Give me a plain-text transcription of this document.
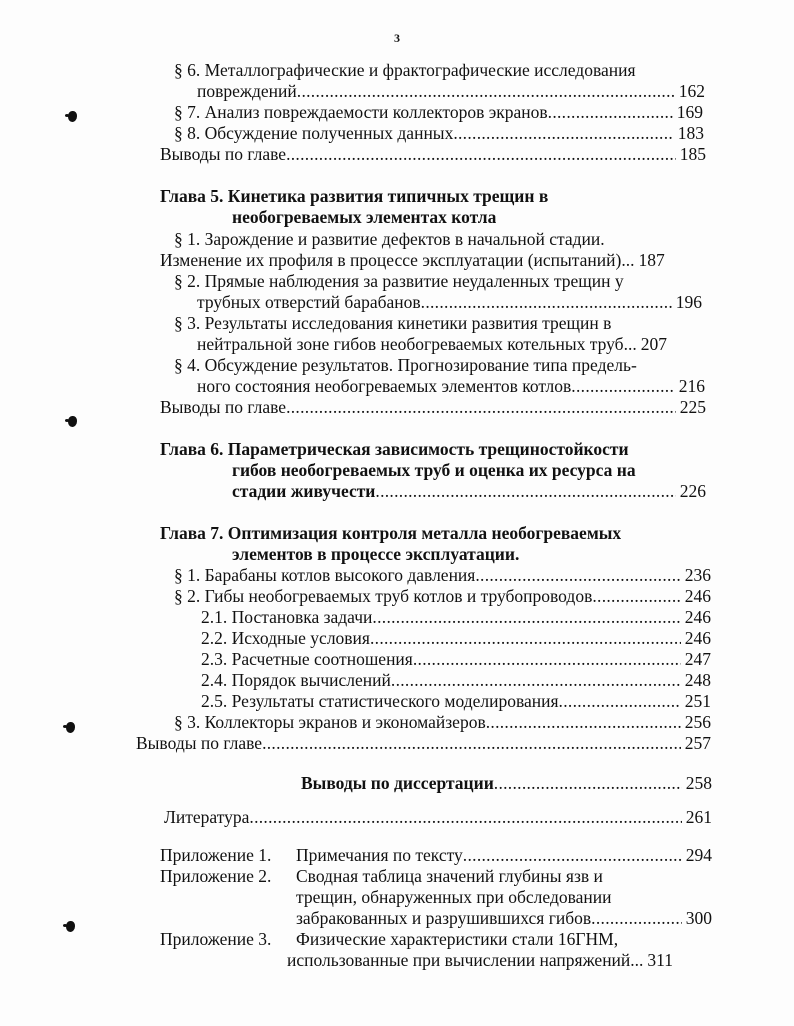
3
§ 6. Металлографические и фрактографические исследования
повреждений .....	162
§ 7. Анализ повреждаемости коллекторов экранов .....	169
§ 8. Обсуждение полученных данных .....	183
Выводы по главе .....	185
Глава 5. Кинетика развития типичных трещин в
необогреваемых элементах котла
§ 1. Зарождение и развитие дефектов в начальной стадии.
Изменение их профиля в процессе эксплуатации (испытаний)... 187
§ 2. Прямые наблюдения за развитие неудаленных трещин у
трубных отверстий барабанов .....	196
§ 3. Результаты исследования кинетики развития трещин в
нейтральной зоне гибов необогреваемых котельных труб... 207
§ 4. Обсуждение результатов. Прогнозирование типа предель-
ного состояния необогреваемых элементов котлов .....	216
Выводы по главе .....	225
Глава 6. Параметрическая зависимость трещиностойкости
гибов необогреваемых труб и оценка их ресурса на
стадии живучести .....	226
Глава 7. Оптимизация контроля металла необогреваемых
элементов в процессе эксплуатации.
§ 1. Барабаны котлов высокого давления .....	236
§ 2. Гибы необогреваемых труб котлов и трубопроводов .....	246
2.1. Постановка задачи .....	246
2.2. Исходные условия .....	246
2.3. Расчетные соотношения .....	247
2.4. Порядок вычислений .....	248
2.5. Результаты статистического моделирования .....	251
§ 3. Коллекторы экранов и экономайзеров .....	256
Выводы по главе .....	257
Выводы по диссертации .....	258
Литература .....	261
Приложение 1. Примечания по тексту .....	294
Приложение 2. Сводная таблица значений глубины язв и
трещин, обнаруженных при обследовании
забракованных и разрушившихся гибов .....	300
Приложение 3. Физические характеристики стали 16ГНМ,
использованные при вычислении напряжений... 311
